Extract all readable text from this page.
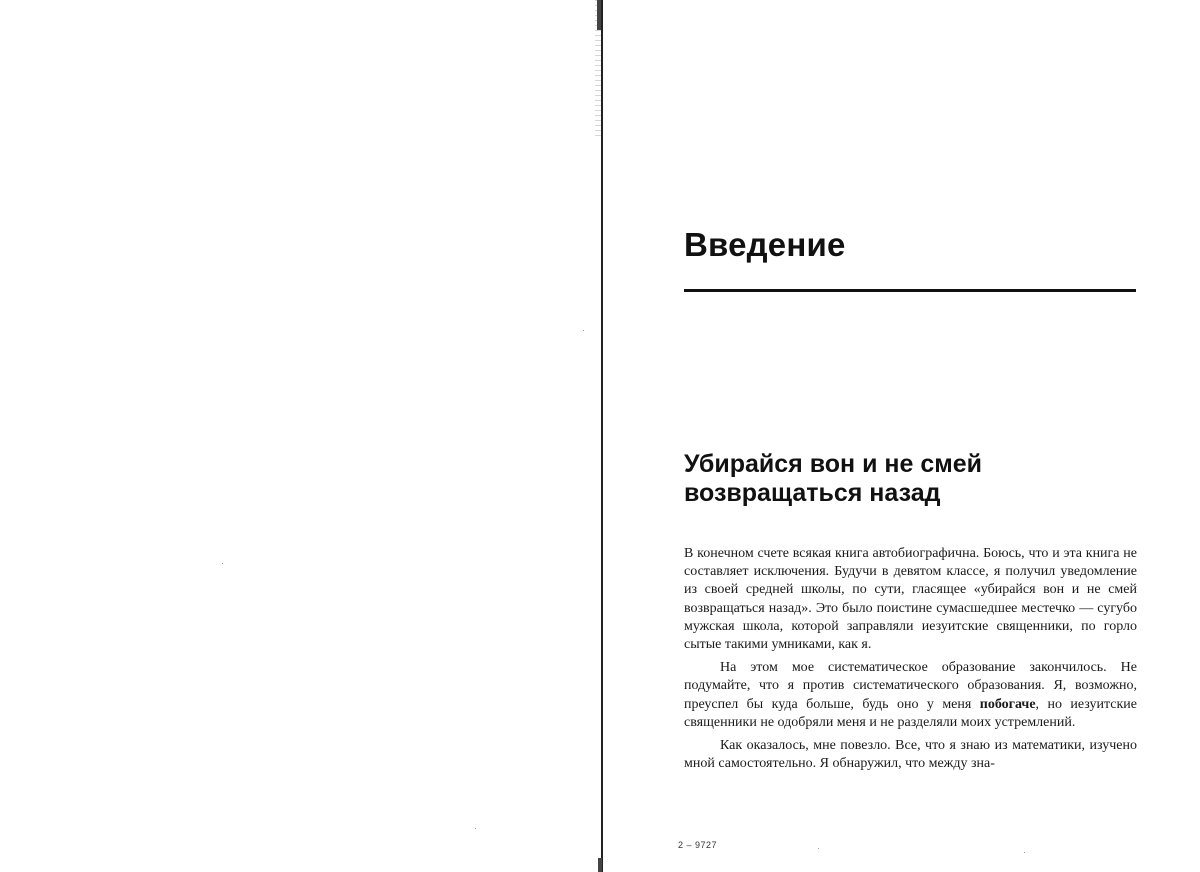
Введение
Убирайся вон и не смей
возвращаться назад

В конечном счете всякая книга автобиографична. Боюсь, что и эта книга не составляет исключения. Будучи в девятом классе, я получил уведомление из своей средней школы, по сути, гласящее «убирайся вон и не смей возвращаться назад». Это было поистине сумасшедшее местечко — сугубо мужская школа, которой заправляли иезуитские священники, по горло сытые такими умниками, как я.

На этом мое систематическое образование закончилось. Не подумайте, что я против систематического образования. Я, возможно, преуспел бы куда больше, будь оно у меня побогаче, но иезуитские священники не одобряли меня и не разделяли моих устремлений.

Как оказалось, мне повезло. Все, что я знаю из математики, изучено мной самостоятельно. Я обнаружил, что между зна-

2 – 9727
